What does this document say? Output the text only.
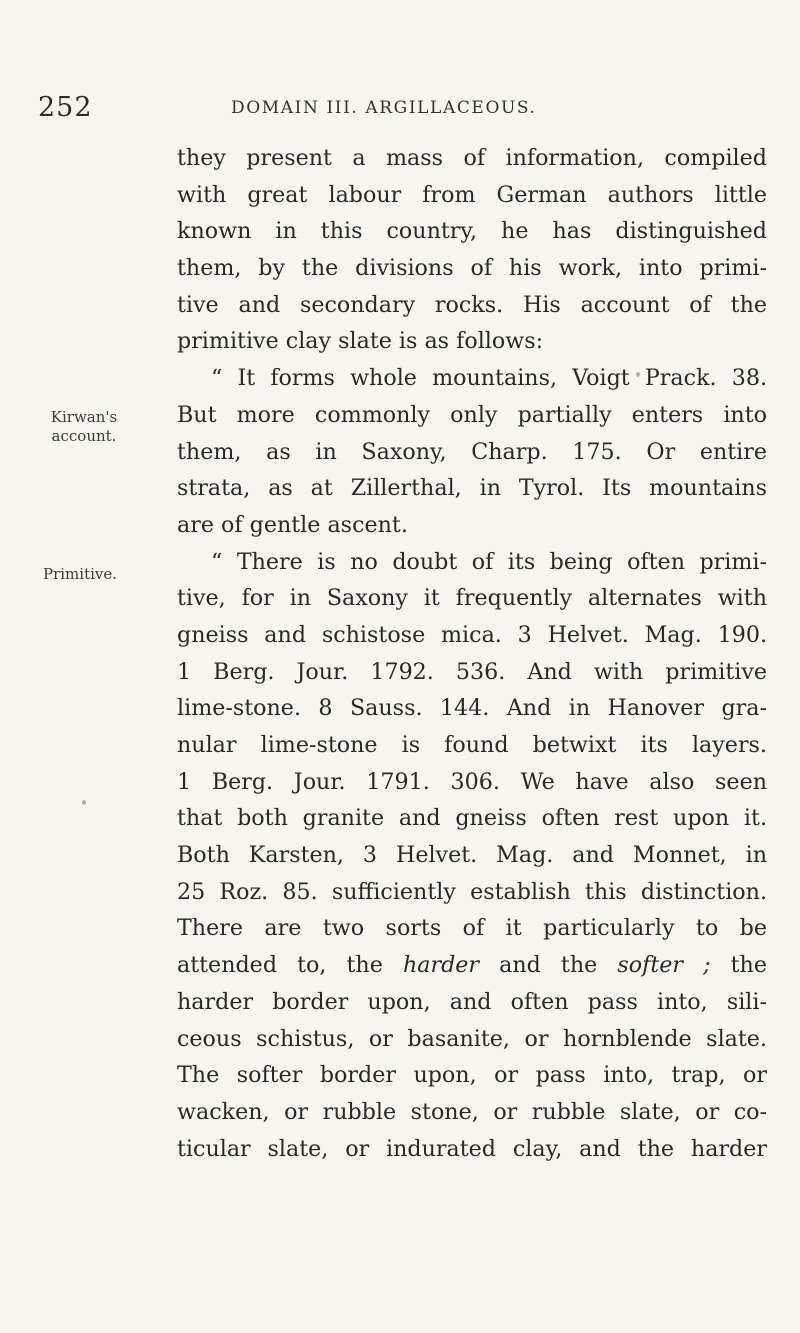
252	DOMAIN III. ARGILLACEOUS.
Kirwan's
account.
Primitive.
they present a mass of information, compiled
with great labour from German authors little
known in this country, he has distinguished
them, by the divisions of his work, into primi-
tive and secondary rocks. His account of the
primitive clay slate is as follows:
“ It forms whole mountains, Voigt Prack. 38.
But more commonly only partially enters into
them, as in Saxony, Charp. 175. Or entire
strata, as at Zillerthal, in Tyrol. Its mountains
are of gentle ascent.
“ There is no doubt of its being often primi-
tive, for in Saxony it frequently alternates with
gneiss and schistose mica. 3 Helvet. Mag. 190.
1 Berg. Jour. 1792. 536. And with primitive
lime-stone. 8 Sauss. 144. And in Hanover gra-
nular lime-stone is found betwixt its layers.
1 Berg. Jour. 1791. 306. We have also seen
that both granite and gneiss often rest upon it.
Both Karsten, 3 Helvet. Mag. and Monnet, in
25 Roz. 85. sufficiently establish this distinction.
There are two sorts of it particularly to be
attended to, the harder and the softer ; the
harder border upon, and often pass into, sili-
ceous schistus, or basanite, or hornblende slate.
The softer border upon, or pass into, trap, or
wacken, or rubble stone, or rubble slate, or co-
ticular slate, or indurated clay, and the harder
